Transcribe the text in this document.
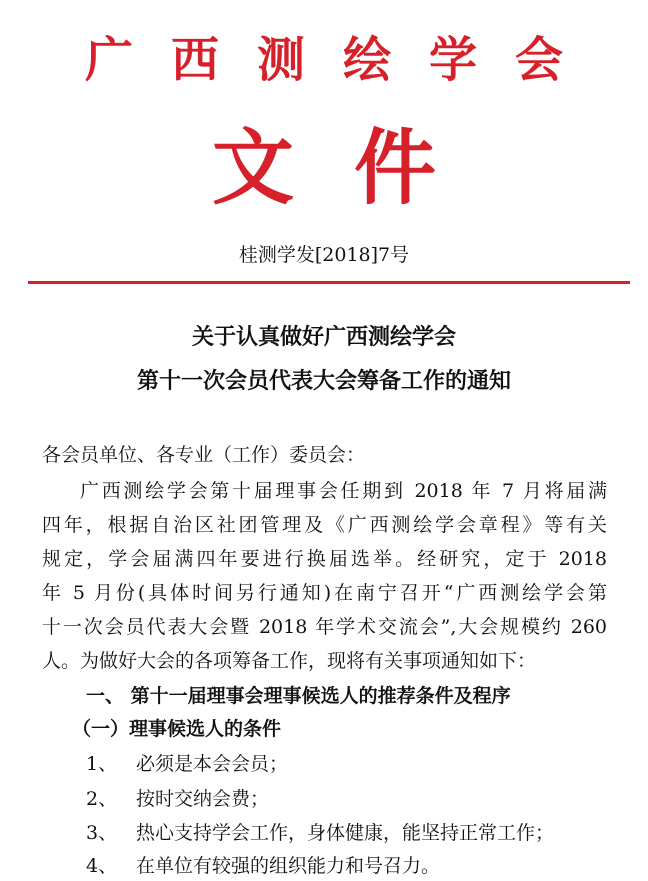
广西测绘学会
文件
桂测学发[2018]7号
关于认真做好广西测绘学会
第十一次会员代表大会筹备工作的通知
各会员单位、各专业（工作）委员会：
广西测绘学会第十届理事会任期到 2018 年 7 月将届满
四年，根据自治区社团管理及《广西测绘学会章程》等有关
规定，学会届满四年要进行换届选举。经研究，定于 2018
年 5 月份(具体时间另行通知)在南宁召开“广西测绘学会第
十一次会员代表大会暨 2018 年学术交流会”,大会规模约 260
人。为做好大会的各项筹备工作，现将有关事项通知如下：
一、 第十一届理事会理事候选人的推荐条件及程序
（一）理事候选人的条件
1、 必须是本会会员；
2、 按时交纳会费；
3、 热心支持学会工作，身体健康，能坚持正常工作；
4、 在单位有较强的组织能力和号召力。
